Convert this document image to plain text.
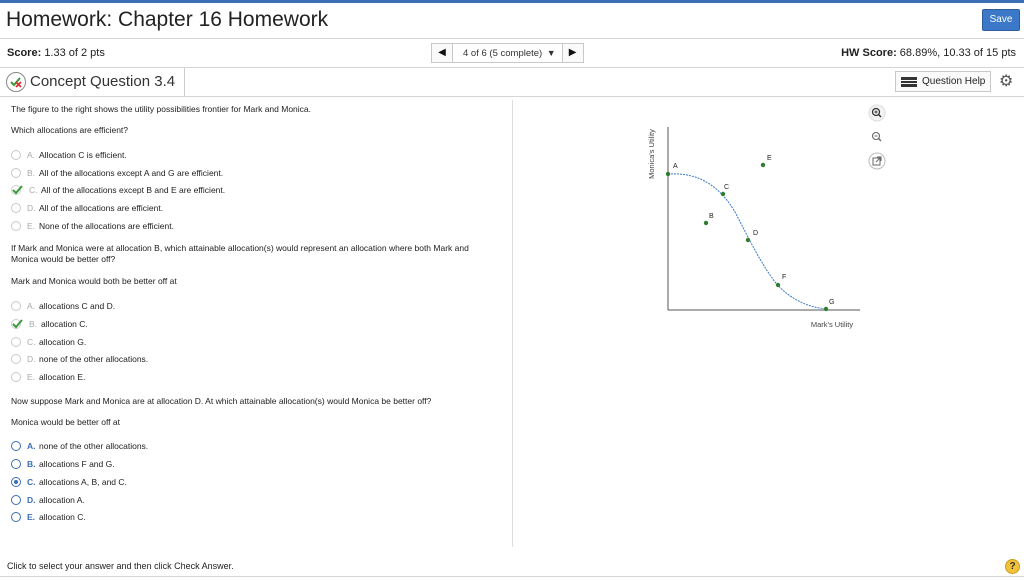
Homework: Chapter 16 Homework	Save
Score: 1.33 of 2 pts	◀	4 of 6 (5 complete) ▼	▶	HW Score: 68.89%, 10.33 of 15 pts
Concept Question 3.4	Question Help ⚙
The figure to the right shows the utility possibilities frontier for Mark and Monica.
Which allocations are efficient?
A. Allocation C is efficient.
B. All of the allocations except A and G are efficient.
C. All of the allocations except B and E are efficient.
D. All of the allocations are efficient.
E. None of the allocations are efficient.
If Mark and Monica were at allocation B, which attainable allocation(s) would represent an allocation where both Mark and Monica would be better off?
Mark and Monica would both be better off at
A. allocations C and D.
B. allocation C.
C. allocation G.
D. none of the other allocations.
E. allocation E.
Now suppose Mark and Monica are at allocation D. At which attainable allocation(s) would Monica be better off?
Monica would be better off at
A. none of the other allocations.
B. allocations F and G.
C. allocations A, B, and C.
D. allocation A.
E. allocation C.
Monica's Utility
Mark's Utility
A
B
C
D
E
F
G
Click to select your answer and then click Check Answer.	?
